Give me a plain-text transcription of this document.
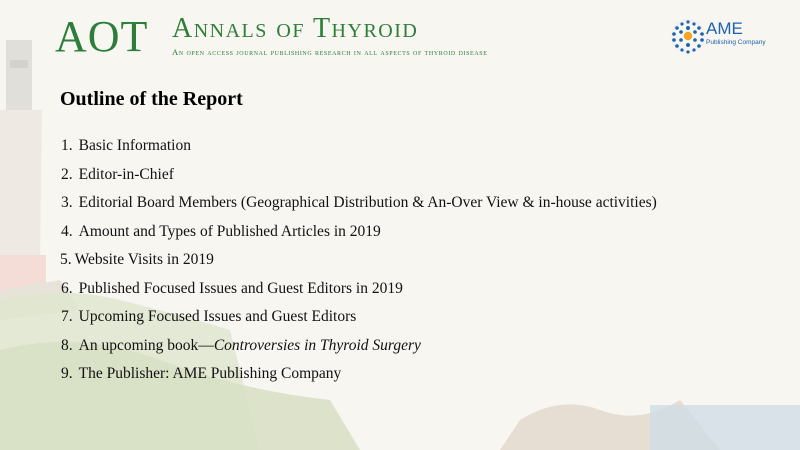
AOT Annals of Thyroid
An open access journal publishing research in all aspects of thyroid disease
AME
Publishing Company
Outline of the Report
1. Basic Information
2. Editor-in-Chief
3. Editorial Board Members (Geographical Distribution & An-Over View & in-house activities)
4. Amount and Types of Published Articles in 2019
5. Website Visits in 2019
6. Published Focused Issues and Guest Editors in 2019
7. Upcoming Focused Issues and Guest Editors
8. An upcoming book—Controversies in Thyroid Surgery
9. The Publisher: AME Publishing Company
